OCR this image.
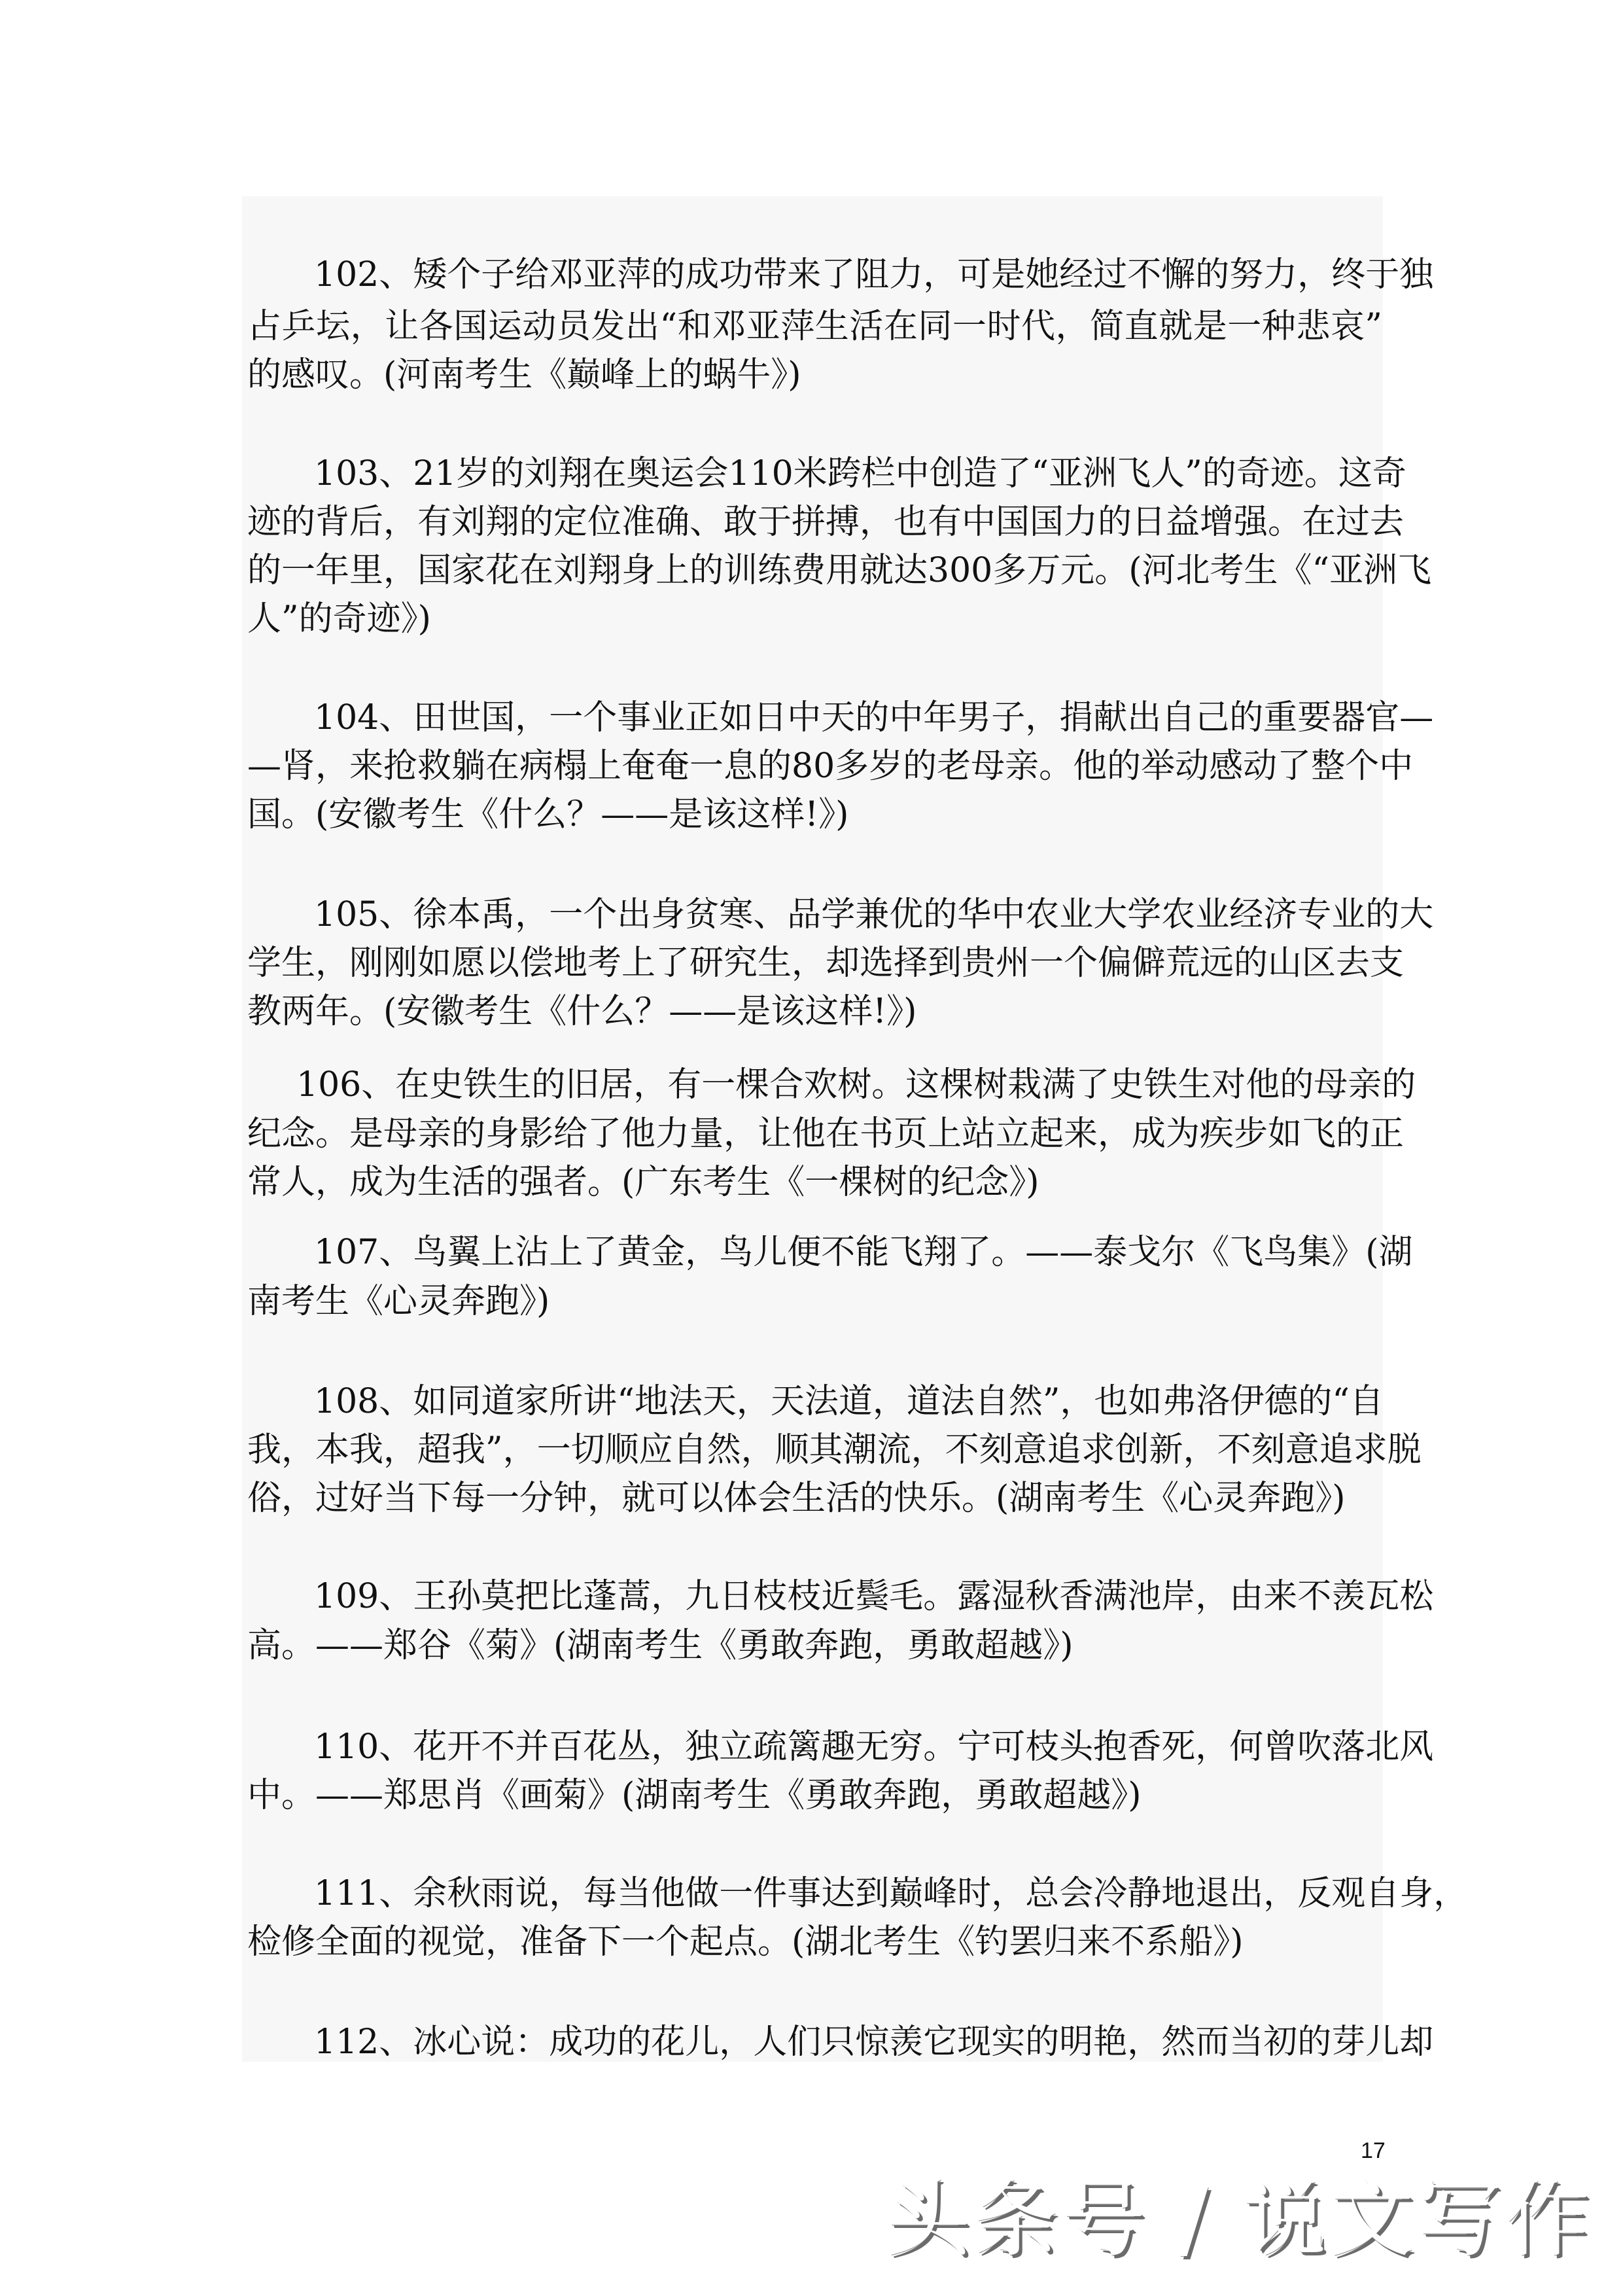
102、矮个子给邓亚萍的成功带来了阻力，可是她经过不懈的努力，终于独
占乒坛，让各国运动员发出“和邓亚萍生活在同一时代，简直就是一种悲哀”
的感叹。(河南考生《巅峰上的蜗牛》)
103、21岁的刘翔在奥运会110米跨栏中创造了“亚洲飞人”的奇迹。这奇
迹的背后，有刘翔的定位准确、敢于拼搏，也有中国国力的日益增强。在过去
的一年里，国家花在刘翔身上的训练费用就达300多万元。(河北考生《“亚洲飞
人”的奇迹》)
104、田世国，一个事业正如日中天的中年男子，捐献出自己的重要器官—
—肾，来抢救躺在病榻上奄奄一息的80多岁的老母亲。他的举动感动了整个中
国。(安徽考生《什么？——是该这样!》)
105、徐本禹，一个出身贫寒、品学兼优的华中农业大学农业经济专业的大
学生，刚刚如愿以偿地考上了研究生，却选择到贵州一个偏僻荒远的山区去支
教两年。(安徽考生《什么？——是该这样!》)
106、在史铁生的旧居，有一棵合欢树。这棵树栽满了史铁生对他的母亲的
纪念。是母亲的身影给了他力量，让他在书页上站立起来，成为疾步如飞的正
常人，成为生活的强者。(广东考生《一棵树的纪念》)
107、鸟翼上沾上了黄金，鸟儿便不能飞翔了。——泰戈尔《飞鸟集》(湖
南考生《心灵奔跑》)
108、如同道家所讲“地法天，天法道，道法自然”，也如弗洛伊德的“自
我，本我，超我”，一切顺应自然，顺其潮流，不刻意追求创新，不刻意追求脱
俗，过好当下每一分钟，就可以体会生活的快乐。(湖南考生《心灵奔跑》)
109、王孙莫把比蓬蒿，九日枝枝近鬓毛。露湿秋香满池岸，由来不羡瓦松
高。——郑谷《菊》(湖南考生《勇敢奔跑，勇敢超越》)
110、花开不并百花丛，独立疏篱趣无穷。宁可枝头抱香死，何曾吹落北风
中。——郑思肖《画菊》(湖南考生《勇敢奔跑，勇敢超越》)
111、余秋雨说，每当他做一件事达到巅峰时，总会冷静地退出，反观自身，
检修全面的视觉，准备下一个起点。(湖北考生《钓罢归来不系船》)
112、冰心说：成功的花儿，人们只惊羡它现实的明艳，然而当初的芽儿却
17
头条号 / 说文写作
